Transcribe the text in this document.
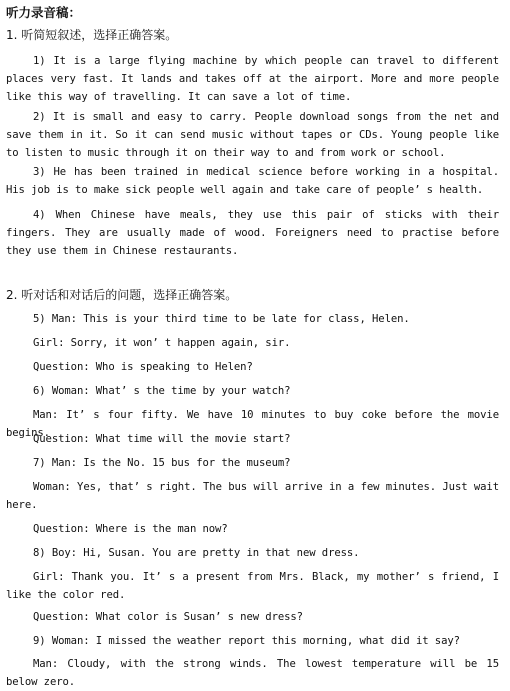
听力录音稿：
1. 听简短叙述，选择正确答案。
1) It is a large flying machine by which people can travel to different places very fast. It lands and takes off at the airport. More and more people like this way of travelling. It can save a lot of time.
2) It is small and easy to carry. People download songs from the net and save them in it. So it can send music without tapes or CDs. Young people like to listen to music through it on their way to and from work or school.
3) He has been trained in medical science before working in a hospital. His job is to make sick people well again and take care of people’ s health.
4) When Chinese have meals, they use this pair of sticks with their fingers. They are usually made of wood. Foreigners need to practise before they use them in Chinese restaurants.
2. 听对话和对话后的问题，选择正确答案。
5) Man: This is your third time to be late for class, Helen.
Girl: Sorry, it won’ t happen again, sir.
Question: Who is speaking to Helen?
6) Woman: What’ s the time by your watch?
Man: It’ s four fifty. We have 10 minutes to buy coke before the movie begins.
Question: What time will the movie start?
7) Man: Is the No. 15 bus for the museum?
Woman: Yes, that’ s right. The bus will arrive in a few minutes. Just wait here.
Question: Where is the man now?
8) Boy: Hi, Susan. You are pretty in that new dress.
Girl: Thank you. It’ s a present from Mrs. Black, my mother’ s friend, I like the color red.
Question: What color is Susan’ s new dress?
9) Woman: I missed the weather report this morning, what did it say?
Man: Cloudy, with the strong winds. The lowest temperature will be 15 below zero.
